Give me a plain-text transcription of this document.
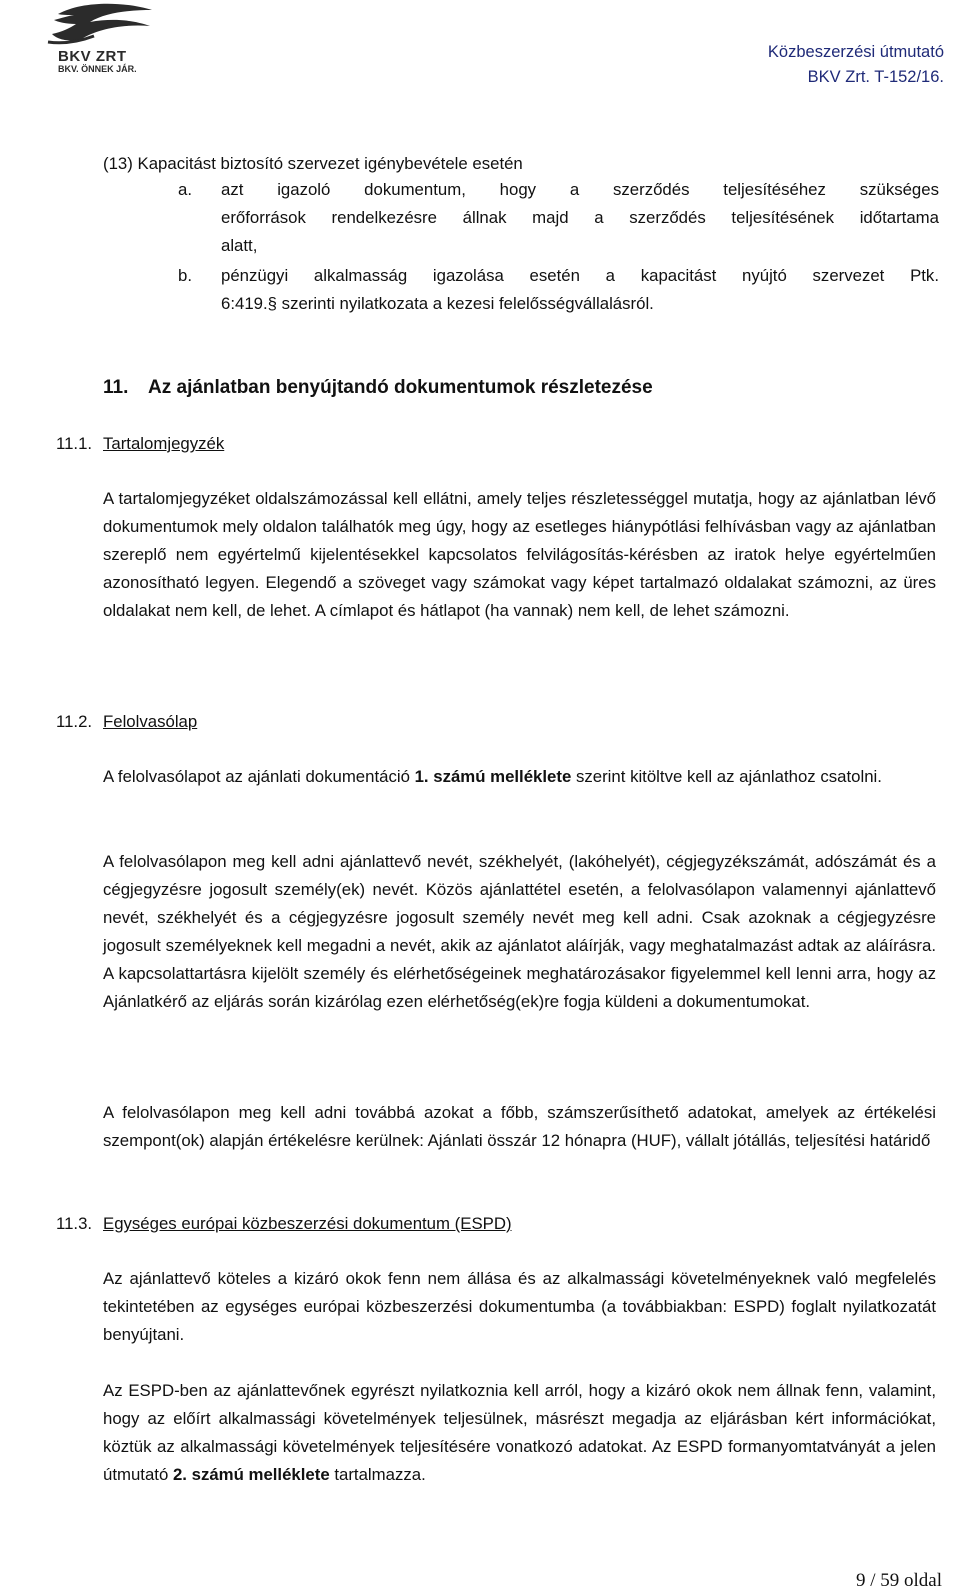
BKV ZRT
BKV. ÖNNEK JÁR.
Közbeszerzési útmutató
BKV Zrt. T-152/16.
(13) Kapacitást biztosító szervezet igénybevétele esetén
a. azt igazoló dokumentum, hogy a szerződés teljesítéséhez szükséges
erőforrások rendelkezésre állnak majd a szerződés teljesítésének időtartama
alatt,
b. pénzügyi alkalmasság igazolása esetén a kapacitást nyújtó szervezet Ptk.
6:419.§ szerinti nyilatkozata a kezesi felelősségvállalásról.
11. Az ajánlatban benyújtandó dokumentumok részletezése
11.1. Tartalomjegyzék
A tartalomjegyzéket oldalszámozással kell ellátni, amely teljes részletességgel mutatja, hogy az ajánlatban lévő dokumentumok mely oldalon találhatók meg úgy, hogy az esetleges hiánypótlási felhívásban vagy az ajánlatban szereplő nem egyértelmű kijelentésekkel kapcsolatos felvilágosítás-kérésben az iratok helye egyértelműen azonosítható legyen. Elegendő a szöveget vagy számokat vagy képet tartalmazó oldalakat számozni, az üres oldalakat nem kell, de lehet. A címlapot és hátlapot (ha vannak) nem kell, de lehet számozni.
11.2. Felolvasólap
A felolvasólapot az ajánlati dokumentáció 1. számú melléklete szerint kitöltve kell az ajánlathoz csatolni.
A felolvasólapon meg kell adni ajánlattevő nevét, székhelyét, (lakóhelyét), cégjegyzékszámát, adószámát és a cégjegyzésre jogosult személy(ek) nevét. Közös ajánlattétel esetén, a felolvasólapon valamennyi ajánlattevő nevét, székhelyét és a cégjegyzésre jogosult személy nevét meg kell adni. Csak azoknak a cégjegyzésre jogosult személyeknek kell megadni a nevét, akik az ajánlatot aláírják, vagy meghatalmazást adtak az aláírásra. A kapcsolattartásra kijelölt személy és elérhetőségeinek meghatározásakor figyelemmel kell lenni arra, hogy az Ajánlatkérő az eljárás során kizárólag ezen elérhetőség(ek)re fogja küldeni a dokumentumokat.
A felolvasólapon meg kell adni továbbá azokat a főbb, számszerűsíthető adatokat, amelyek az értékelési szempont(ok) alapján értékelésre kerülnek: Ajánlati összár 12 hónapra (HUF), vállalt jótállás, teljesítési határidő
11.3. Egységes európai közbeszerzési dokumentum (ESPD)
Az ajánlattevő köteles a kizáró okok fenn nem állása és az alkalmassági követelményeknek való megfelelés tekintetében az egységes európai közbeszerzési dokumentumba (a továbbiakban: ESPD) foglalt nyilatkozatát benyújtani.
Az ESPD-ben az ajánlattevőnek egyrészt nyilatkoznia kell arról, hogy a kizáró okok nem állnak fenn, valamint, hogy az előírt alkalmassági követelmények teljesülnek, másrészt megadja az eljárásban kért információkat, köztük az alkalmassági követelmények teljesítésére vonatkozó adatokat. Az ESPD formanyomtatványát a jelen útmutató 2. számú melléklete tartalmazza.
9 / 59 oldal
